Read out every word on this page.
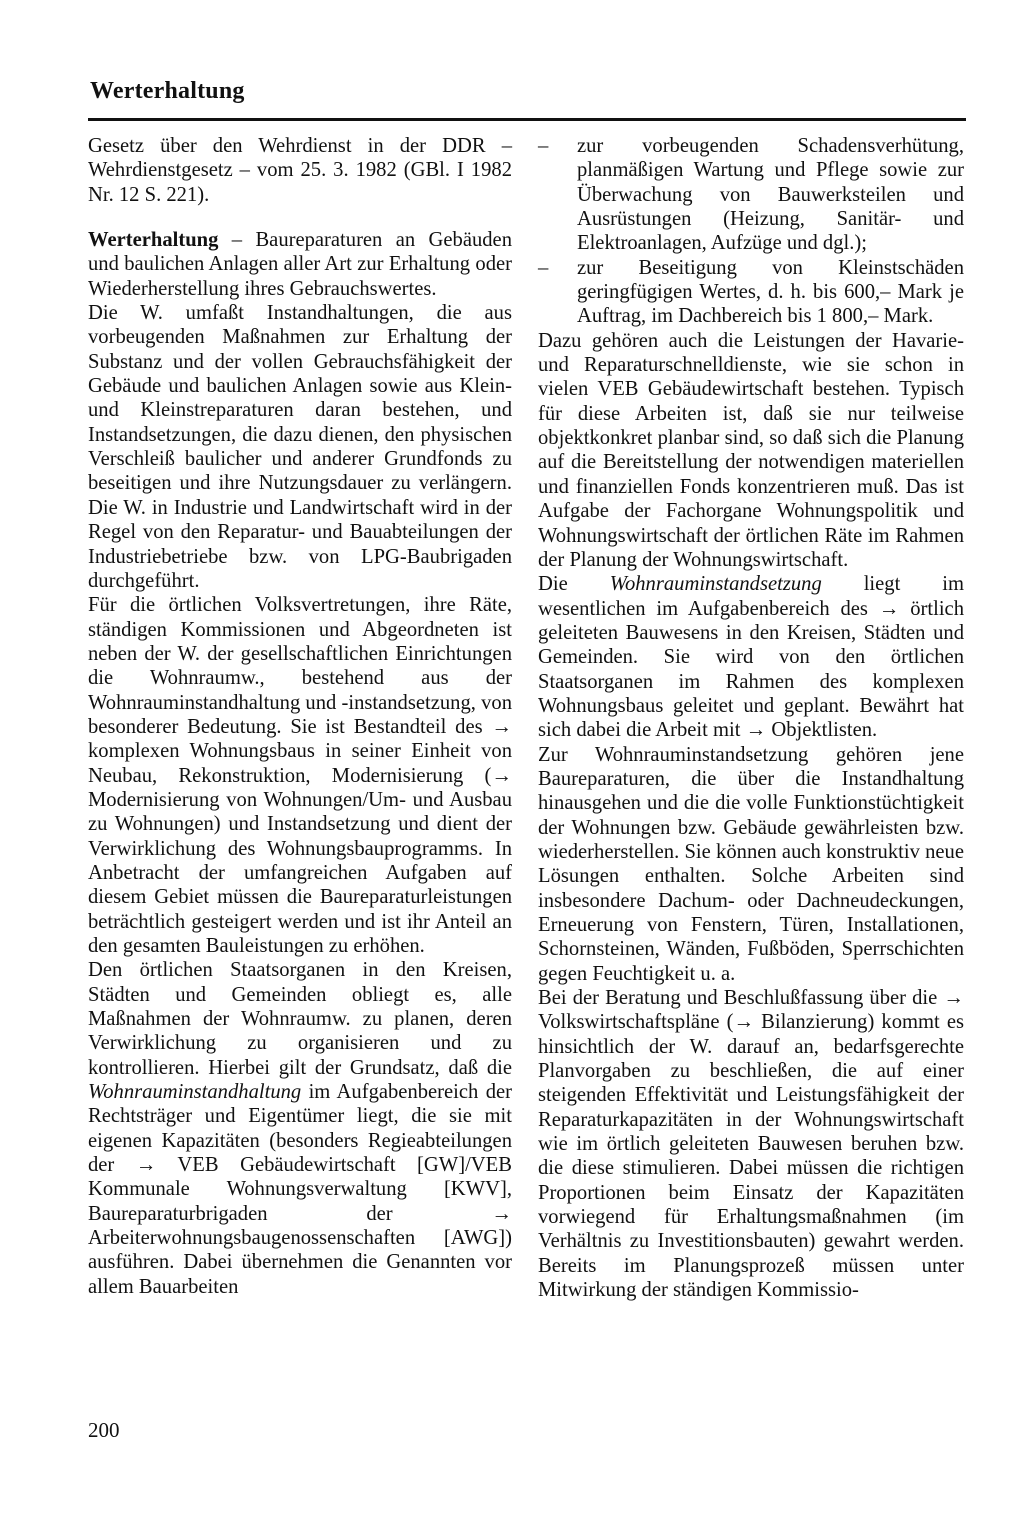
Werterhaltung

Gesetz über den Wehrdienst in der DDR – Wehrdienstgesetz – vom 25. 3. 1982 (GBl. I 1982 Nr. 12 S. 221).

Werterhaltung – Baureparaturen an Gebäuden und baulichen Anlagen aller Art zur Erhaltung oder Wiederherstellung ihres Gebrauchswertes.

Die W. umfaßt Instandhaltungen, die aus vorbeugenden Maßnahmen zur Erhaltung der Substanz und der vollen Gebrauchsfähigkeit der Gebäude und baulichen Anlagen sowie aus Klein- und Kleinstreparaturen daran bestehen, und Instandsetzungen, die dazu dienen, den physischen Verschleiß baulicher und anderer Grundfonds zu beseitigen und ihre Nutzungsdauer zu verlängern. Die W. in Industrie und Landwirtschaft wird in der Regel von den Reparatur- und Bauabteilungen der Industriebetriebe bzw. von LPG-Baubrigaden durchgeführt.

Für die örtlichen Volksvertretungen, ihre Räte, ständigen Kommissionen und Abgeordneten ist neben der W. der gesellschaftlichen Einrichtungen die Wohnraumw., bestehend aus der Wohnrauminstandhaltung und -instandsetzung, von besonderer Bedeutung. Sie ist Bestandteil des → komplexen Wohnungsbaus in seiner Einheit von Neubau, Rekonstruktion, Modernisierung (→ Modernisierung von Wohnungen/Um- und Ausbau zu Wohnungen) und Instandsetzung und dient der Verwirklichung des Wohnungsbauprogramms. In Anbetracht der umfangreichen Aufgaben auf diesem Gebiet müssen die Baureparaturleistungen beträchtlich gesteigert werden und ist ihr Anteil an den gesamten Bauleistungen zu erhöhen.

Den örtlichen Staatsorganen in den Kreisen, Städten und Gemeinden obliegt es, alle Maßnahmen der Wohnraumw. zu planen, deren Verwirklichung zu organisieren und zu kontrollieren. Hierbei gilt der Grundsatz, daß die Wohnrauminstandhaltung im Aufgabenbereich der Rechtsträger und Eigentümer liegt, die sie mit eigenen Kapazitäten (besonders Regieabteilungen der → VEB Gebäudewirtschaft [GW]/VEB Kommunale Wohnungsverwaltung [KWV], Baureparaturbrigaden der → Arbeiterwohnungsbaugenossenschaften [AWG]) ausführen. Dabei übernehmen die Genannten vor allem Bauarbeiten

–	zur vorbeugenden Schadensverhütung, planmäßigen Wartung und Pflege sowie zur Überwachung von Bauwerksteilen und Ausrüstungen (Heizung, Sanitär- und Elektroanlagen, Aufzüge und dgl.);
–	zur Beseitigung von Kleinstschäden geringfügigen Wertes, d. h. bis 600,– Mark je Auftrag, im Dachbereich bis 1 800,– Mark.

Dazu gehören auch die Leistungen der Havarie- und Reparaturschnelldienste, wie sie schon in vielen VEB Gebäudewirtschaft bestehen. Typisch für diese Arbeiten ist, daß sie nur teilweise objektkonkret planbar sind, so daß sich die Planung auf die Bereitstellung der notwendigen materiellen und finanziellen Fonds konzentrieren muß. Das ist Aufgabe der Fachorgane Wohnungspolitik und Wohnungswirtschaft der örtlichen Räte im Rahmen der Planung der Wohnungswirtschaft.

Die Wohnrauminstandsetzung liegt im wesentlichen im Aufgabenbereich des → örtlich geleiteten Bauwesens in den Kreisen, Städten und Gemeinden. Sie wird von den örtlichen Staatsorganen im Rahmen des komplexen Wohnungsbaus geleitet und geplant. Bewährt hat sich dabei die Arbeit mit → Objektlisten.

Zur Wohnrauminstandsetzung gehören jene Baureparaturen, die über die Instandhaltung hinausgehen und die die volle Funktionstüchtigkeit der Wohnungen bzw. Gebäude gewährleisten bzw. wiederherstellen. Sie können auch konstruktiv neue Lösungen enthalten. Solche Arbeiten sind insbesondere Dachum- oder Dachneudeckungen, Erneuerung von Fenstern, Türen, Installationen, Schornsteinen, Wänden, Fußböden, Sperrschichten gegen Feuchtigkeit u. a.

Bei der Beratung und Beschlußfassung über die → Volkswirtschaftspläne (→ Bilanzierung) kommt es hinsichtlich der W. darauf an, bedarfsgerechte Planvorgaben zu beschließen, die auf einer steigenden Effektivität und Leistungsfähigkeit der Reparaturkapazitäten in der Wohnungswirtschaft wie im örtlich geleiteten Bauwesen beruhen bzw. die diese stimulieren. Dabei müssen die richtigen Proportionen beim Einsatz der Kapazitäten vorwiegend für Erhaltungsmaßnahmen (im Verhältnis zu Investitionsbauten) gewahrt werden. Bereits im Planungsprozeß müssen unter Mitwirkung der ständigen Kommissio-

200
